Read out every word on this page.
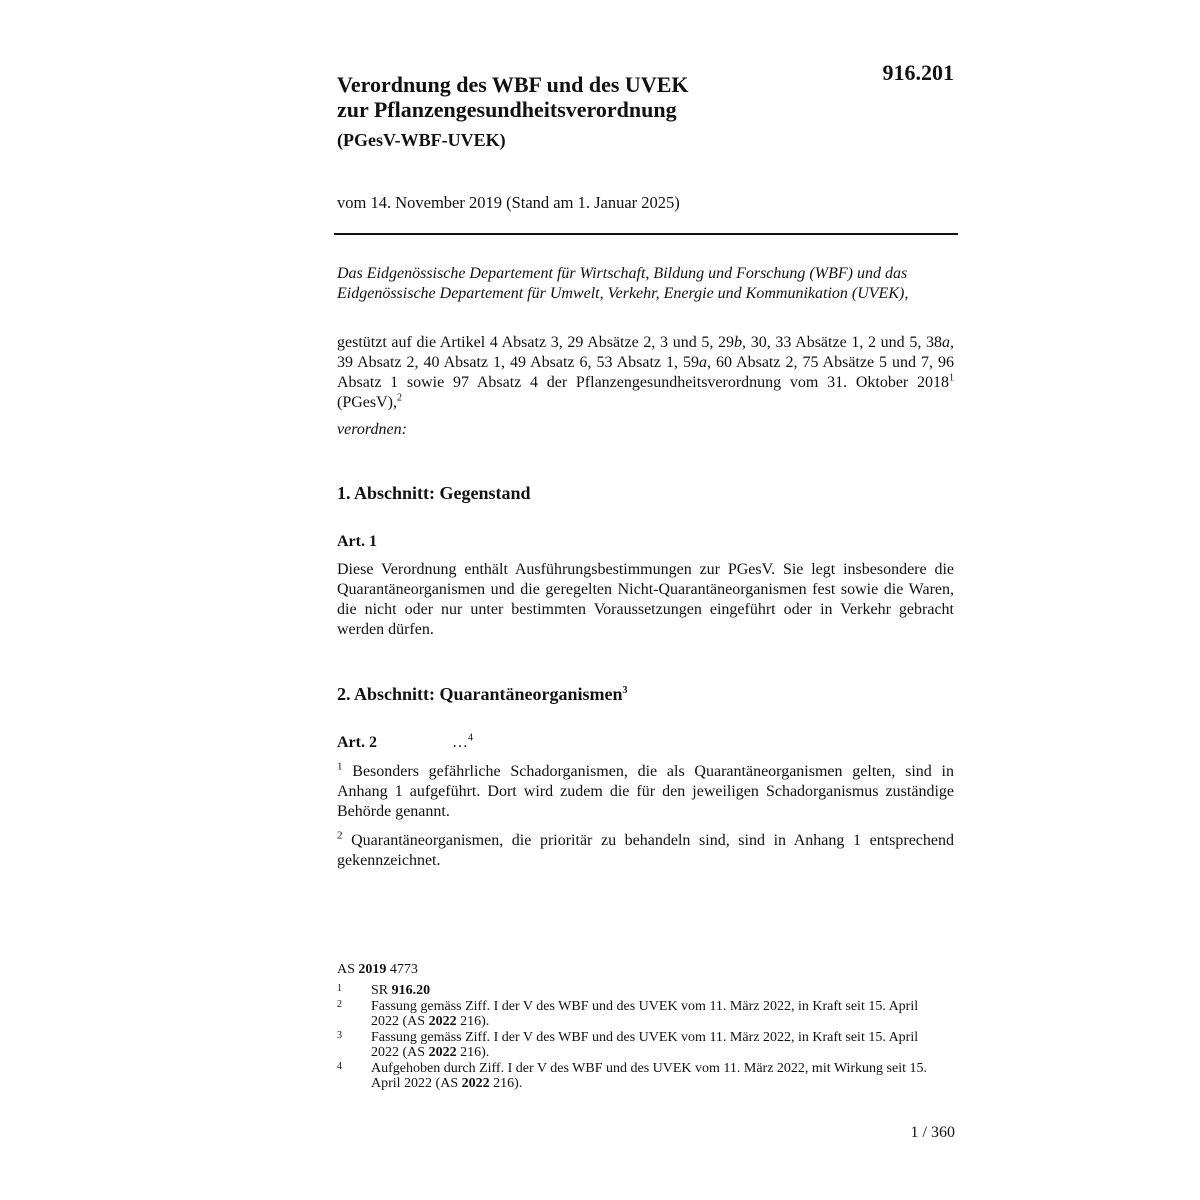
916.201
Verordnung des WBF und des UVEK
zur Pflanzengesundheitsverordnung
(PGesV-WBF-UVEK)
vom 14. November 2019 (Stand am 1. Januar 2025)
Das Eidgenössische Departement für Wirtschaft, Bildung und Forschung (WBF) und das Eidgenössische Departement für Umwelt, Verkehr, Energie und Kommunikation (UVEK),
gestützt auf die Artikel 4 Absatz 3, 29 Absätze 2, 3 und 5, 29b, 30, 33 Absätze 1, 2 und 5, 38a, 39 Absatz 2, 40 Absatz 1, 49 Absatz 6, 53 Absatz 1, 59a, 60 Absatz 2, 75 Absätze 5 und 7, 96 Absatz 1 sowie 97 Absatz 4 der Pflanzengesundheitsverordnung vom 31. Oktober 2018$^1$ (PGesV),$^2$
verordnen:
1. Abschnitt: Gegenstand
Art. 1
Diese Verordnung enthält Ausführungsbestimmungen zur PGesV. Sie legt insbesondere die Quarantäneorganismen und die geregelten Nicht-Quarantäneorganismen fest sowie die Waren, die nicht oder nur unter bestimmten Voraussetzungen eingeführt oder in Verkehr gebracht werden dürfen.
2. Abschnitt: Quarantäneorganismen$^3$
Art. 2	…$^4$
$^1$ Besonders gefährliche Schadorganismen, die als Quarantäneorganismen gelten, sind in Anhang 1 aufgeführt. Dort wird zudem die für den jeweiligen Schadorganismus zuständige Behörde genannt.
$^2$ Quarantäneorganismen, die prioritär zu behandeln sind, sind in Anhang 1 entsprechend gekennzeichnet.
AS 2019 4773
1	SR 916.20
2	Fassung gemäss Ziff. I der V des WBF und des UVEK vom 11. März 2022, in Kraft seit 15. April 2022 (AS 2022 216).
3	Fassung gemäss Ziff. I der V des WBF und des UVEK vom 11. März 2022, in Kraft seit 15. April 2022 (AS 2022 216).
4	Aufgehoben durch Ziff. I der V des WBF und des UVEK vom 11. März 2022, mit Wirkung seit 15. April 2022 (AS 2022 216).
1 / 360
